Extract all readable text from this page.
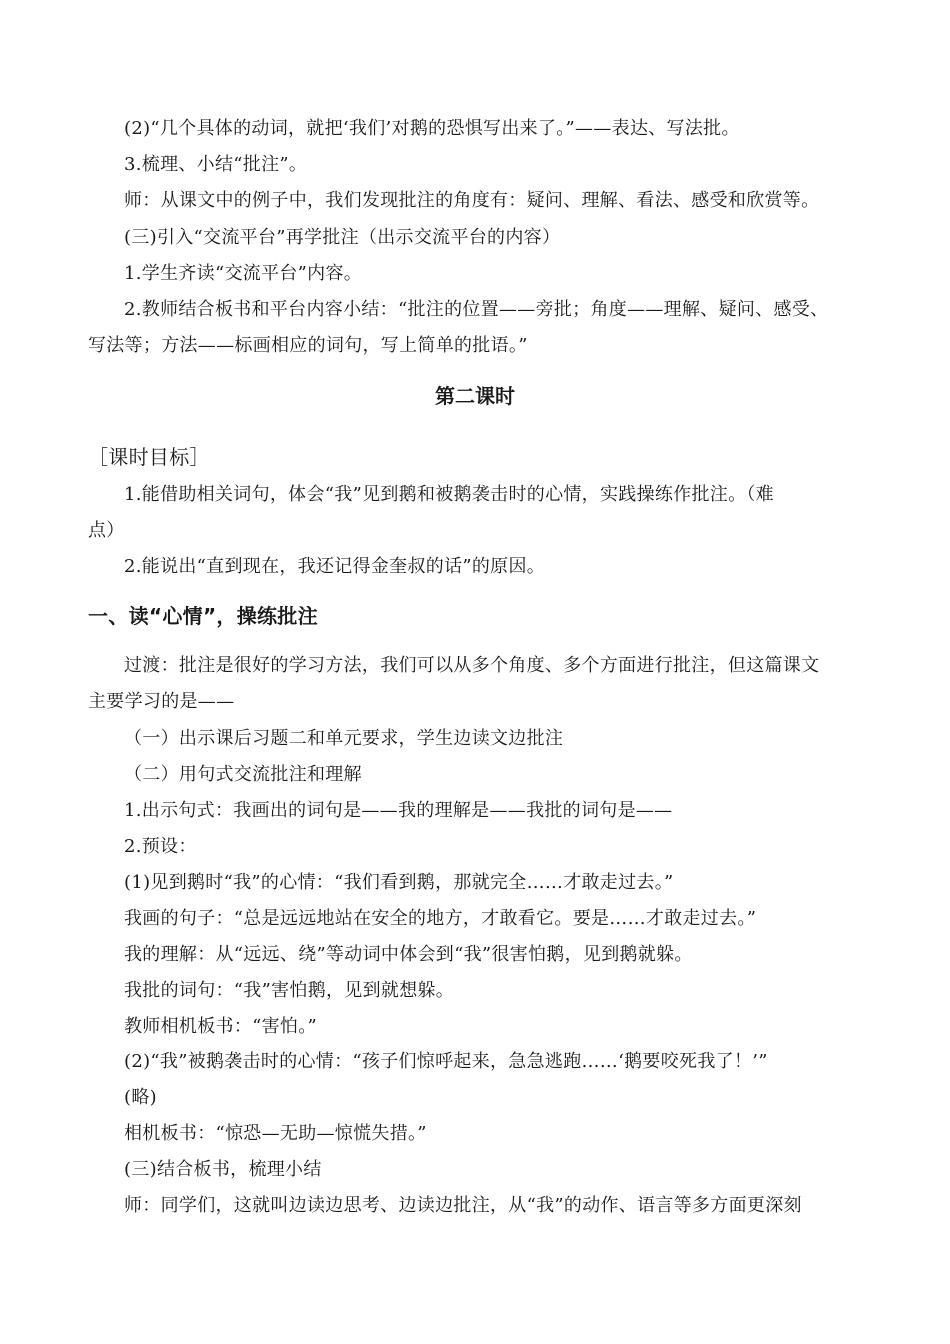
(2)“几个具体的动词，就把‘我们’对鹅的恐惧写出来了。”——表达、写法批。
3.梳理、小结“批注”。
师：从课文中的例子中，我们发现批注的角度有：疑问、理解、看法、感受和欣赏等。
(三)引入“交流平台”再学批注（出示交流平台的内容）
1.学生齐读“交流平台”内容。
2.教师结合板书和平台内容小结：“批注的位置——旁批；角度——理解、疑问、感受、
写法等；方法——标画相应的词句，写上简单的批语。”
第二课时
［课时目标］
1.能借助相关词句，体会“我”见到鹅和被鹅袭击时的心情，实践操练作批注。（难
点）
2.能说出“直到现在，我还记得金奎叔的话”的原因。
一、读“心情”，操练批注
过渡：批注是很好的学习方法，我们可以从多个角度、多个方面进行批注，但这篇课文
主要学习的是——
（一）出示课后习题二和单元要求，学生边读文边批注
（二）用句式交流批注和理解
1.出示句式：我画出的词句是——我的理解是——我批的词句是——
2.预设：
(1)见到鹅时“我”的心情：“我们看到鹅，那就完全……才敢走过去。”
我画的句子：“总是远远地站在安全的地方，才敢看它。要是……才敢走过去。”
我的理解：从“远远、绕”等动词中体会到“我”很害怕鹅，见到鹅就躲。
我批的词句：“我”害怕鹅，见到就想躲。
教师相机板书：“害怕。”
(2)“我”被鹅袭击时的心情：“孩子们惊呼起来，急急逃跑……‘鹅要咬死我了！’”
(略)
相机板书：“惊恐—无助—惊慌失措。”
(三)结合板书，梳理小结
师：同学们，这就叫边读边思考、边读边批注，从“我”的动作、语言等多方面更深刻
